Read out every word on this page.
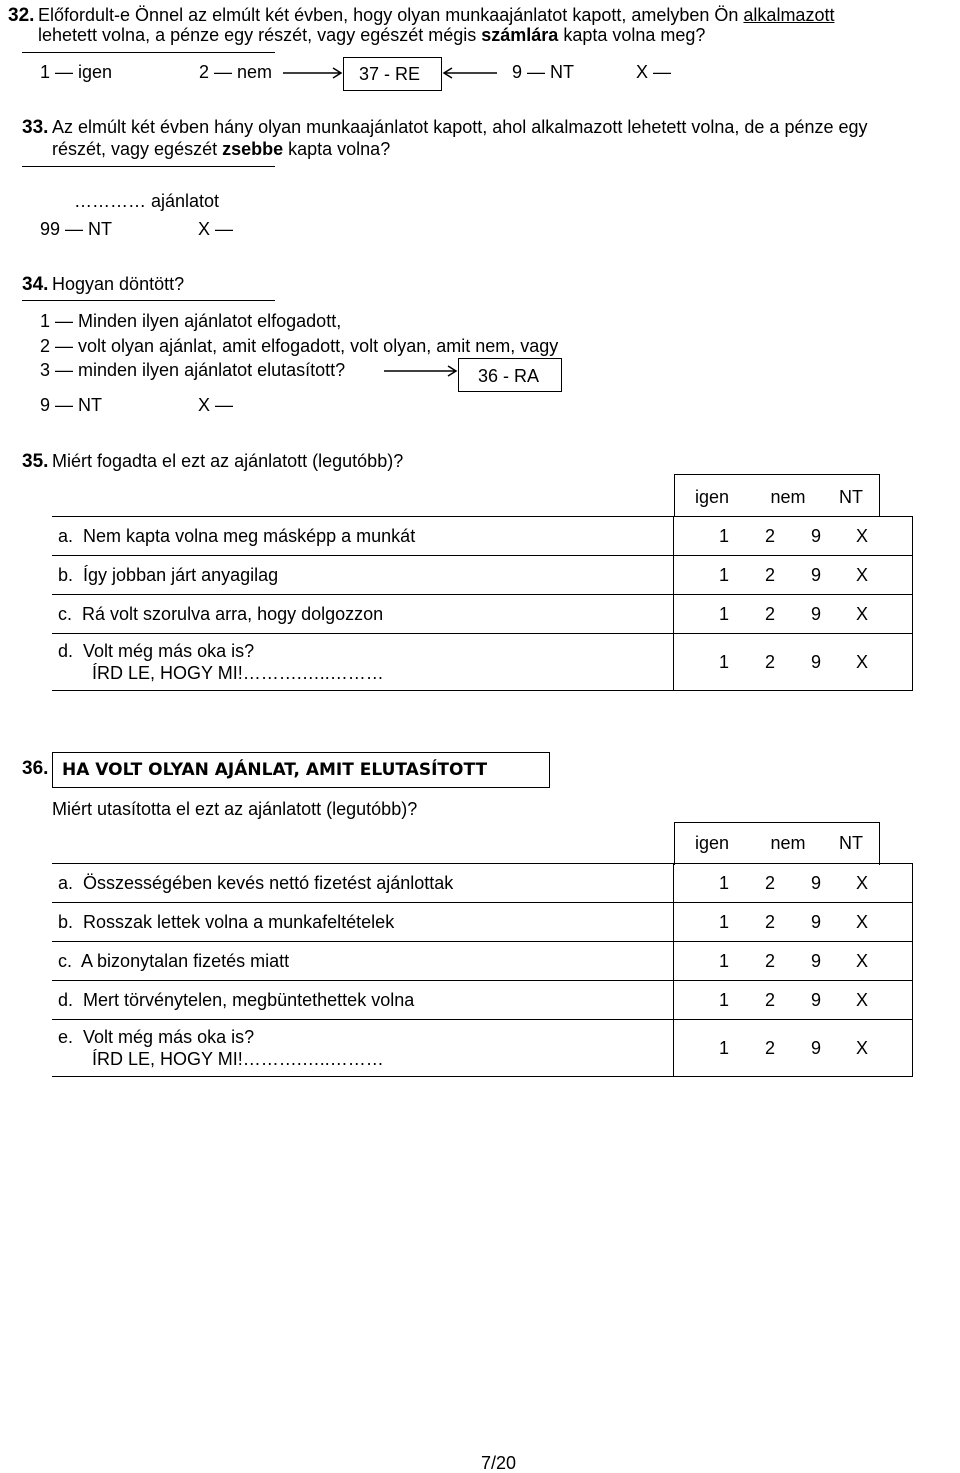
32. Előfordult-e Önnel az elmúlt két évben, hogy olyan munkaajánlatot kapott, amelyben Ön alkalmazott
lehetett volna, a pénze egy részét, vagy egészét mégis számlára kapta volna meg?
1 — igen	2 — nem	37 - RE	9 — NT	X —
33. Az elmúlt két évben hány olyan munkaajánlatot kapott, ahol alkalmazott lehetett volna, de a pénze egy
részét, vagy egészét zsebbe kapta volna?
………… ajánlatot
99 — NT	X —
34. Hogyan döntött?
1 — Minden ilyen ajánlatot elfogadott,
2 — volt olyan ajánlat, amit elfogadott, volt olyan, amit nem, vagy
3 — minden ilyen ajánlatot elutasított?	36 - RA
9 — NT	X —
35. Miért fogadta el ezt az ajánlatott (legutóbb)?
igen nem NT
a. Nem kapta volna meg másképp a munkát	1 2 9 X
b. Így jobban járt anyagilag	1 2 9 X
c. Rá volt szorulva arra, hogy dolgozzon	1 2 9 X
d. Volt még más oka is?
ÍRD LE, HOGY MI!……….…..………	1 2 9 X
36. HA VOLT OLYAN AJÁNLAT, AMIT ELUTASÍTOTT
Miért utasította el ezt az ajánlatott (legutóbb)?
igen nem NT
a. Összességében kevés nettó fizetést ajánlottak	1 2 9 X
b. Rosszak lettek volna a munkafeltételek	1 2 9 X
c. A bizonytalan fizetés miatt	1 2 9 X
d. Mert törvénytelen, megbüntethettek volna	1 2 9 X
e. Volt még más oka is?
ÍRD LE, HOGY MI!……….…..………	1 2 9 X
7/20
